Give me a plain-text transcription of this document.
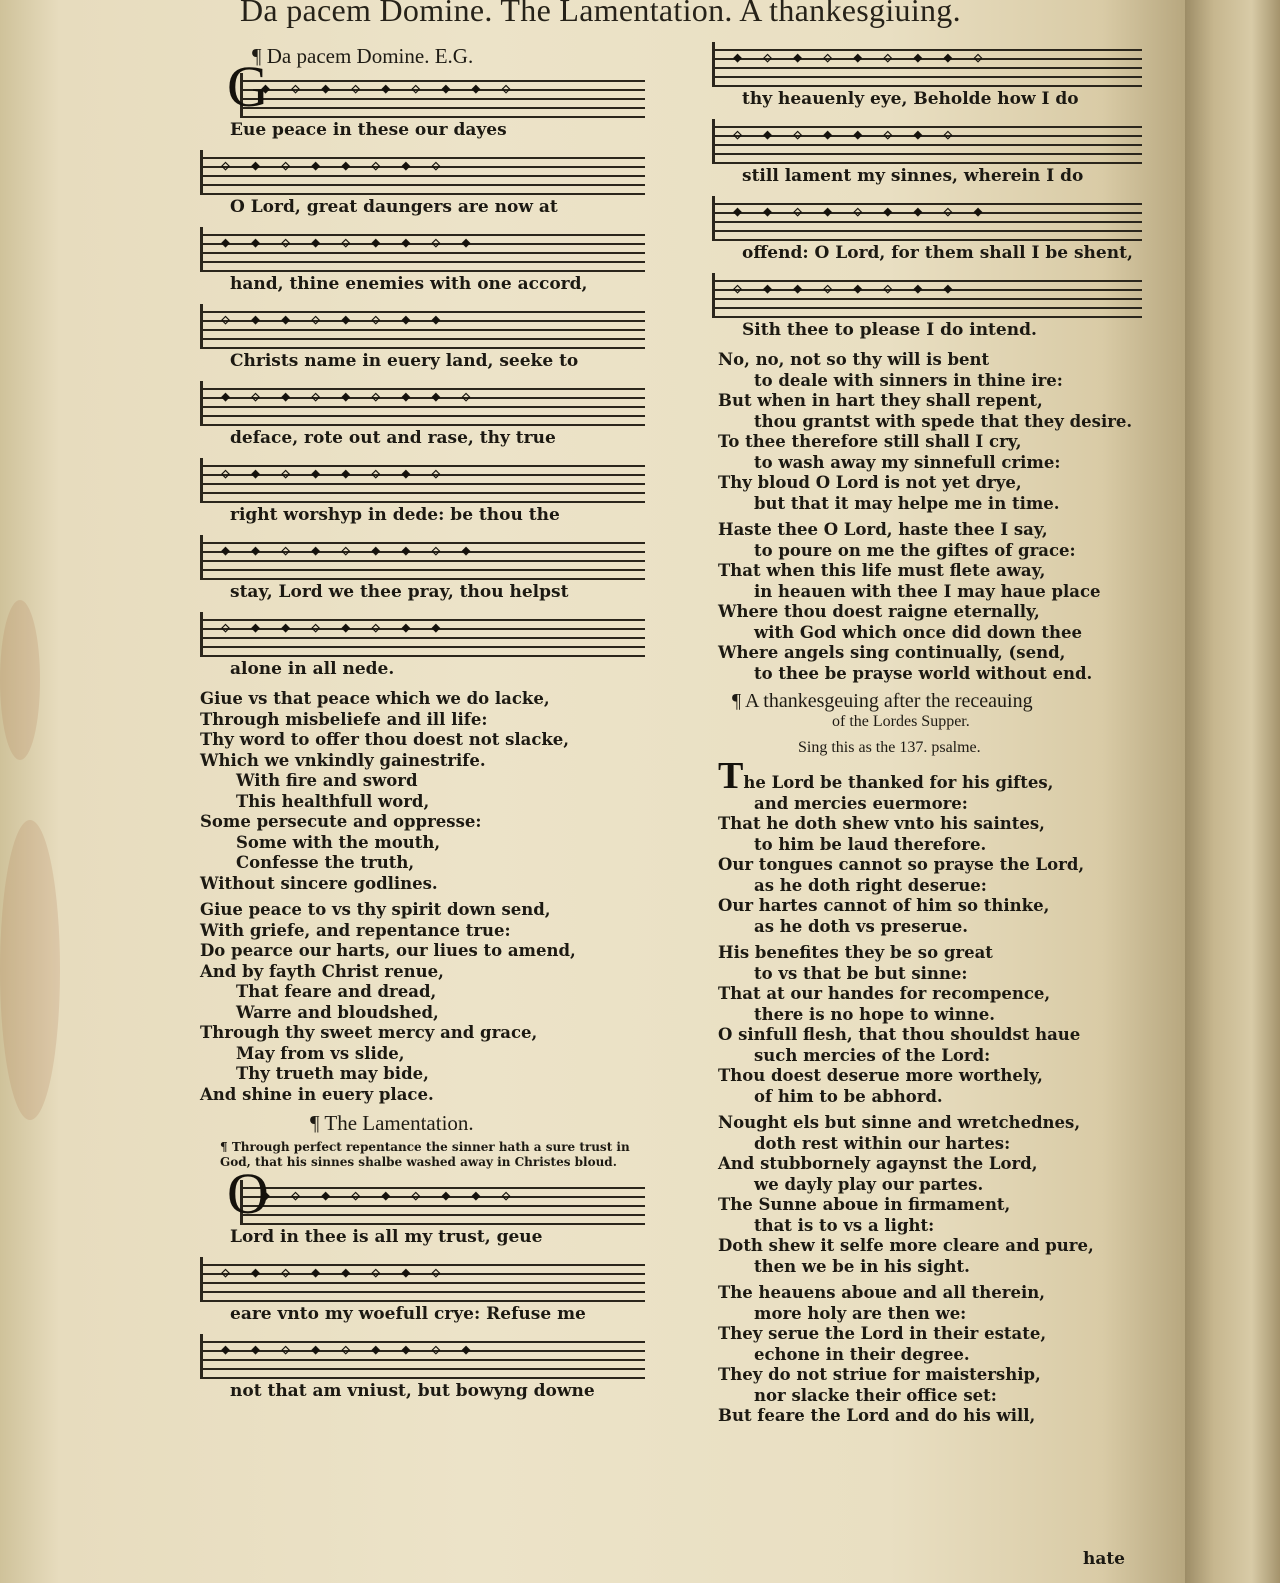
Da pacem Domine. The Lamentation. A thankesgiuing.
¶ Da pacem Domine. E.G.
G
◆ ◇ ◆ ◇ ◆ ◇ ◆ ◆ ◇
Eue peace in these our dayes
◇ ◆ ◇ ◆ ◆ ◇ ◆ ◇
O Lord, great daungers are now at
◆ ◆ ◇ ◆ ◇ ◆ ◆ ◇ ◆
hand, thine enemies with one accord,
◇ ◆ ◆ ◇ ◆ ◇ ◆ ◆
Christs name in euery land, seeke to
◆ ◇ ◆ ◇ ◆ ◇ ◆ ◆ ◇
deface, rote out and rase, thy true
◇ ◆ ◇ ◆ ◆ ◇ ◆ ◇
right worshyp in dede: be thou the
◆ ◆ ◇ ◆ ◇ ◆ ◆ ◇ ◆
stay, Lord we thee pray, thou helpst
◇ ◆ ◆ ◇ ◆ ◇ ◆ ◆
alone in all nede.
Giue vs that peace which we do lacke,
Through misbeliefe and ill life:
Thy word to offer thou doest not slacke,
Which we vnkindly gainestrife.
With fire and sword
This healthfull word,
Some persecute and oppresse:
Some with the mouth,
Confesse the truth,
Without sincere godlines.
Giue peace to vs thy spirit down send,
With griefe, and repentance true:
Do pearce our harts, our liues to amend,
And by fayth Christ renue,
That feare and dread,
Warre and bloudshed,
Through thy sweet mercy and grace,
May from vs slide,
Thy trueth may bide,
And shine in euery place.
¶ The Lamentation.
¶ Through perfect repentance the sinner hath a sure trust in God, that his sinnes shalbe washed away in Christes bloud.
O
◆ ◇ ◆ ◇ ◆ ◇ ◆ ◆ ◇
Lord in thee is all my trust, geue
◇ ◆ ◇ ◆ ◆ ◇ ◆ ◇
eare vnto my woefull crye: Refuse me
◆ ◆ ◇ ◆ ◇ ◆ ◆ ◇ ◆
not that am vniust, but bowyng downe
◆ ◇ ◆ ◇ ◆ ◇ ◆ ◆ ◇
thy heauenly eye, Beholde how I do
◇ ◆ ◇ ◆ ◆ ◇ ◆ ◇
still lament my sinnes, wherein I do
◆ ◆ ◇ ◆ ◇ ◆ ◆ ◇ ◆
offend: O Lord, for them shall I be shent,
◇ ◆ ◆ ◇ ◆ ◇ ◆ ◆
Sith thee to please I do intend.
No, no, not so thy will is bent
to deale with sinners in thine ire:
But when in hart they shall repent,
thou grantst with spede that they desire.
To thee therefore still shall I cry,
to wash away my sinnefull crime:
Thy bloud O Lord is not yet drye,
but that it may helpe me in time.
Haste thee O Lord, haste thee I say,
to poure on me the giftes of grace:
That when this life must flete away,
in heauen with thee I may haue place
Where thou doest raigne eternally,
with God which once did down thee
Where angels sing continually, (send,
to thee be prayse world without end.
¶ A thankesgeuing after the receauing
of the Lordes Supper.
Sing this as the 137. psalme.
The Lord be thanked for his giftes,
and mercies euermore:
That he doth shew vnto his saintes,
to him be laud therefore.
Our tongues cannot so prayse the Lord,
as he doth right deserue:
Our hartes cannot of him so thinke,
as he doth vs preserue.
His benefites they be so great
to vs that be but sinne:
That at our handes for recompence,
there is no hope to winne.
O sinfull flesh, that thou shouldst haue
such mercies of the Lord:
Thou doest deserue more worthely,
of him to be abhord.
Nought els but sinne and wretchednes,
doth rest within our hartes:
And stubbornely agaynst the Lord,
we dayly play our partes.
The Sunne aboue in firmament,
that is to vs a light:
Doth shew it selfe more cleare and pure,
then we be in his sight.
The heauens aboue and all therein,
more holy are then we:
They serue the Lord in their estate,
echone in their degree.
They do not striue for maistership,
nor slacke their office set:
But feare the Lord and do his will,
hate
